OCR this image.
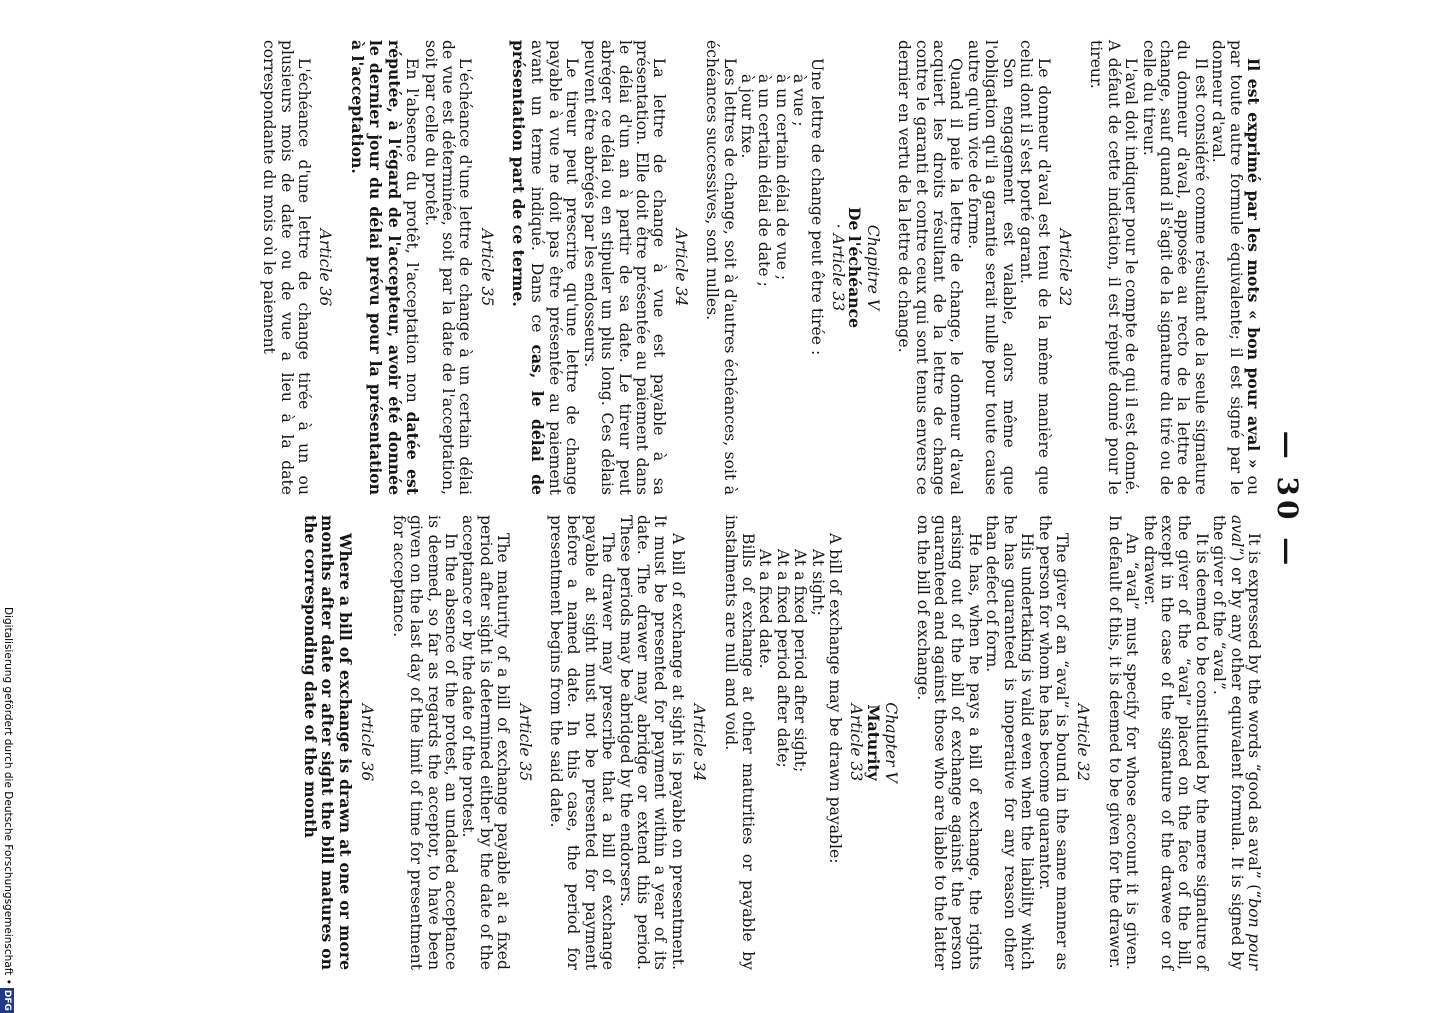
Digitalisierung gefördert durch die Deutsche Forschungsgemeinschaft •DFG
— 30 —

Il est exprimé par les mots « bon pour aval » ou par toute autre formule équivalente; il est signé par le donneur d'aval.

Il est considéré comme résultant de la seule signature du donneur d'aval, apposée au recto de la lettre de change, sauf quand il s'agit de la signature du tiré ou de celle du tireur.

L'aval doit indiquer pour le compte de qui il est donné. A défaut de cette indication, il est réputé donné pour le tireur.

Article 32

Le donneur d'aval est tenu de la même manière que celui dont il s'est porté garant.

Son engagement est valable, alors même que l'obligation qu'il a garantie serait nulle pour toute cause autre qu'un vice de forme.

Quand il paie la lettre de change, le donneur d'aval acquiert les droits résultant de la lettre de change contre le garanti et contre ceux qui sont tenus envers ce dernier en vertu de la lettre de change.

Chapitre V
De l'échéance
· Article 33

Une lettre de change peut être tirée :

à vue ;
à un certain délai de vue ;
à un certain délai de date ;
à jour fixe.

Les lettres de change, soit à d'autres échéances, soit à échéances successives, sont nulles.

Article 34

La lettre de change à vue est payable à sa présentation. Elle doit être présentée au paiement dans le délai d'un an à partir de sa date. Le tireur peut abréger ce délai ou en stipuler un plus long. Ces délais peuvent être abrégés par les endosseurs.

Le tireur peut prescrire qu'une lettre de change payable à vue ne doit pas être présentée au paiement avant un terme indiqué. Dans ce cas, le délai de présentation part de ce terme.

Article 35

L'échéance d'une lettre de change à un certain délai de vue est déterminée, soit par la date de l'acceptation, soit par celle du protêt.

En l'absence du protêt, l'acceptation non datée est réputée, à l'égard de l'accepteur, avoir été donnée le dernier jour du délai prévu pour la présentation à l'acceptation.

Article 36

L'échéance d'une lettre de change tirée à un ou plusieurs mois de date ou de vue a lieu à la date correspondante du mois où le paiement

It is expressed by the words “good as aval” (“bon pour aval”) or by any other equivalent formula. It is signed by the giver of the “aval”.

It is deemed to be constituted by the mere signature of the giver of the “aval” placed on the face of the bill, except in the case of the signature of the drawee or of the drawer.

An “aval” must specify for whose account it is given. In default of this, it is deemed to be given for the drawer.

Article 32

The giver of an “aval” is bound in the same manner as the person for whom he has become guarantor.

His undertaking is valid even when the liability which he has guaranteed is inoperative for any reason other than defect of form.

He has, when he pays a bill of exchange, the rights arising out of the bill of exchange against the person guaranteed and against those who are liable to the latter on the bill of exchange.

Chapter V
Maturity
Article 33

A bill of exchange may be drawn payable:

At sight;
At a fixed period after sight;
At a fixed period after date;
At a fixed date.

Bills of exchange at other maturities or payable by instalments are null and void.

Article 34

A bill of exchange at sight is payable on presentment. It must be presented for payment within a year of its date. The drawer may abridge or extend this period. These periods may be abridged by the endorsers.

The drawer may prescribe that a bill of exchange payable at sight must not be presented for payment before a named date. In this case, the period for presentment begins from the said date.

Article 35

The maturity of a bill of exchange payable at a fixed period after sight is determined either by the date of the acceptance or by the date of the protest.

In the absence of the protest, an undated acceptance is deemed, so far as regards the acceptor, to have been given on the last day of the limit of time for presentment for acceptance.

Article 36

Where a bill of exchange is drawn at one or more months after date or after sight the bill matures on the corresponding date of the month
